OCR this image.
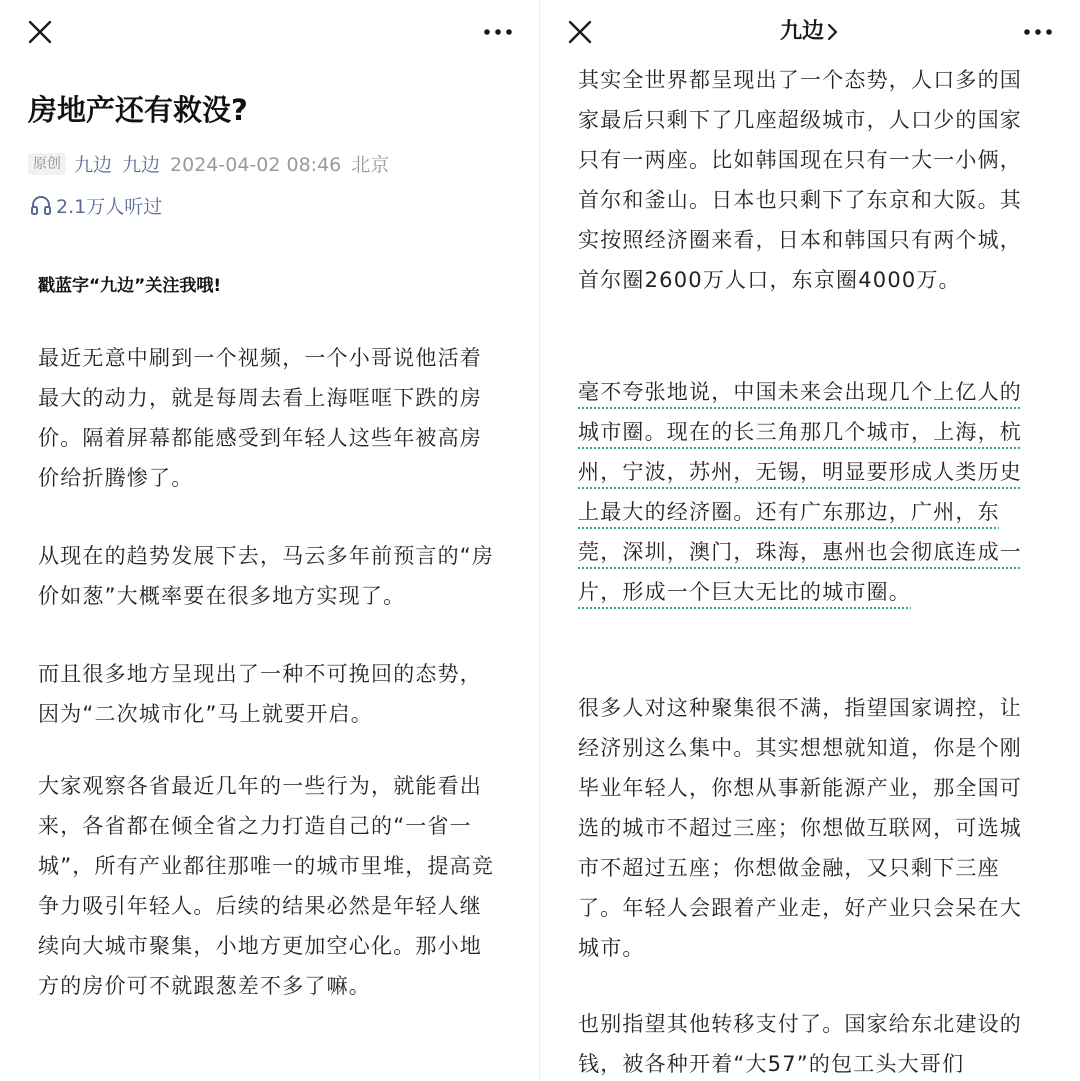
房地产还有救没?
原创 九边 九边 2024-04-02 08:46 北京
2.1万人听过

戳蓝字“九边”关注我哦!

最近无意中刷到一个视频，一个小哥说他活着最大的动力，就是每周去看上海哐哐下跌的房价。隔着屏幕都能感受到年轻人这些年被高房价给折腾惨了。

从现在的趋势发展下去，马云多年前预言的“房价如葱”大概率要在很多地方实现了。

而且很多地方呈现出了一种不可挽回的态势，因为“二次城市化”马上就要开启。

大家观察各省最近几年的一些行为，就能看出来，各省都在倾全省之力打造自己的“一省一城”，所有产业都往那唯一的城市里堆，提高竞争力吸引年轻人。后续的结果必然是年轻人继续向大城市聚集，小地方更加空心化。那小地方的房价可不就跟葱差不多了嘛。

九边

其实全世界都呈现出了一个态势，人口多的国家最后只剩下了几座超级城市，人口少的国家只有一两座。比如韩国现在只有一大一小俩，首尔和釜山。日本也只剩下了东京和大阪。其实按照经济圈来看，日本和韩国只有两个城，首尔圈2600万人口，东京圈4000万。

毫不夸张地说，中国未来会出现几个上亿人的城市圈。现在的长三角那几个城市，上海，杭州，宁波，苏州，无锡，明显要形成人类历史上最大的经济圈。还有广东那边，广州，东莞，深圳，澳门，珠海，惠州也会彻底连成一片，形成一个巨大无比的城市圈。

很多人对这种聚集很不满，指望国家调控，让经济别这么集中。其实想想就知道，你是个刚毕业年轻人，你想从事新能源产业，那全国可选的城市不超过三座；你想做互联网，可选城市不超过五座；你想做金融，又只剩下三座了。年轻人会跟着产业走，好产业只会呆在大城市。

也别指望其他转移支付了。国家给东北建设的钱，被各种开着“大57”的包工头大哥们
